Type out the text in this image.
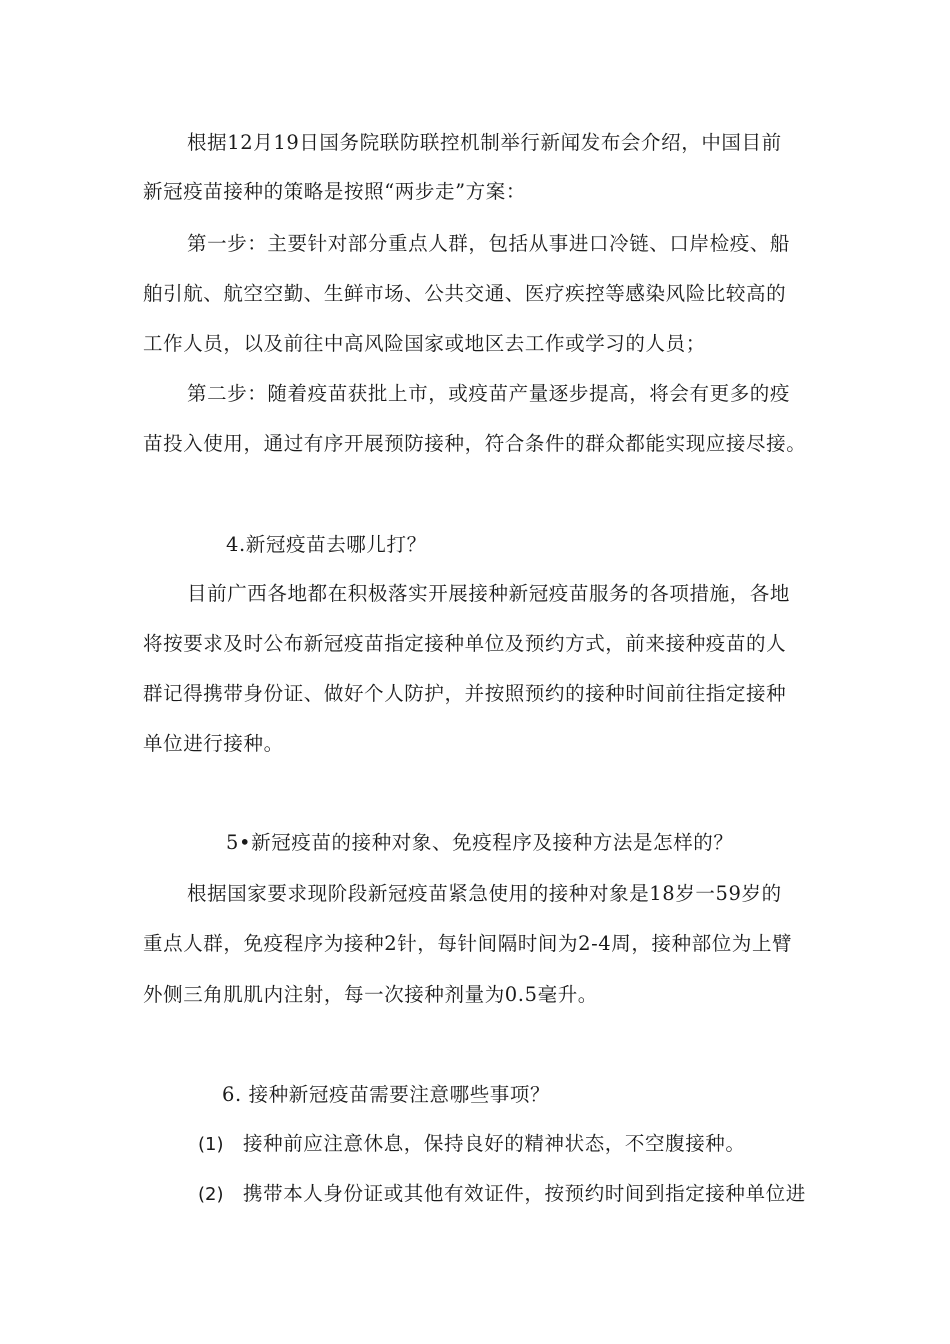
根据12月19日国务院联防联控机制举行新闻发布会介绍，中国目前
新冠疫苗接种的策略是按照“两步走”方案：
第一步：主要针对部分重点人群，包括从事进口冷链、口岸检疫、船
舶引航、航空空勤、生鲜市场、公共交通、医疗疾控等感染风险比较高的
工作人员，以及前往中高风险国家或地区去工作或学习的人员；
第二步：随着疫苗获批上市，或疫苗产量逐步提高，将会有更多的疫
苗投入使用，通过有序开展预防接种，符合条件的群众都能实现应接尽接。
4.新冠疫苗去哪儿打？
目前广西各地都在积极落实开展接种新冠疫苗服务的各项措施，各地
将按要求及时公布新冠疫苗指定接种单位及预约方式，前来接种疫苗的人
群记得携带身份证、做好个人防护，并按照预约的接种时间前往指定接种
单位进行接种。
5•新冠疫苗的接种对象、免疫程序及接种方法是怎样的？
根据国家要求现阶段新冠疫苗紧急使用的接种对象是18岁一59岁的
重点人群，免疫程序为接种2针，每针间隔时间为2-4周，接种部位为上臂
外侧三角肌肌内注射，每一次接种剂量为0.5毫升。
6. 接种新冠疫苗需要注意哪些事项？
(1) 接种前应注意休息，保持良好的精神状态，不空腹接种。
(2) 携带本人身份证或其他有效证件，按预约时间到指定接种单位进
